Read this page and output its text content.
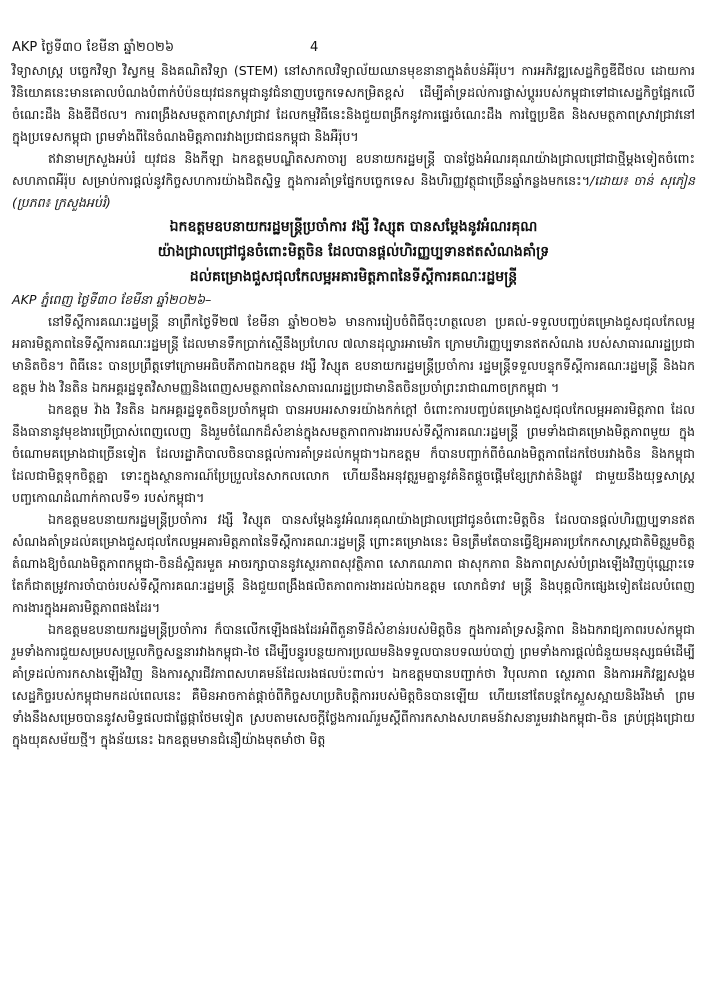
AKP ថ្ងៃទី៣០ ខែមីនា ឆ្នាំ២០២៦	4

វិទ្យាសាស្ត្រ បច្ចេកវិទ្យា វិស្វកម្ម និងគណិតវិទ្យា (STEM) នៅសាកលវិទ្យាល័យឈានមុខនានាក្នុងតំបន់អឺរ៉ុប។ ការអភិវឌ្ឍសេដ្ឋកិច្ចឌីជីថល ដោយការវិនិយោគនេះមានគោលបំណងបំពាក់បំប៉នយុវជនកម្ពុជានូវជំនាញបច្ចេកទេសកម្រិតខ្ពស់ ដើម្បីគាំទ្រដល់ការផ្លាស់ប្ដូររបស់កម្ពុជាទៅជាសេដ្ឋកិច្ចផ្អែកលើចំណេះដឹង និងឌីជីថល។ ការពង្រឹងសមត្ថភាពស្រាវជ្រាវ ដែលកម្មវិធីនេះនិងជួយពង្រីកនូវការផ្ទេរចំណេះដឹង ការច្នៃប្រឌិត និងសមត្ថភាពស្រាវជ្រាវនៅក្នុងប្រទេសកម្ពុជា ព្រមទាំងពីនៃចំណងមិត្តភាពរវាងប្រជាជនកម្ពុជា និងអឺរ៉ុប។

ឥវានាមក្រសួងអប់រំ យុវជន និងកីឡា ឯកឧត្តមបណ្ឌិតសភាចារ្យ ឧបនាយករដ្ឋមន្ត្រី បានថ្លែងអំណរគុណយ៉ាងជ្រាលជ្រៅជាថ្មីម្ដងទៀតចំពោះសហភាពអឺរ៉ុប សម្រាប់ការផ្ដល់នូវកិច្ចសហការយ៉ាងជិតស្និទ្ធ ក្នុងការគាំទ្រផ្នែកបច្ចេកទេស និងហិរញ្ញវត្ថុជាច្រើនឆ្នាំកន្លងមកនេះ។/ដោយ៖ ចាន់ សុភៀន (ប្រភព៖ ក្រសួងអប់រំ)

ឯកឧត្តមឧបនាយករដ្ឋមន្ត្រីប្រចាំការ វង្សី វិស្សុត បានសម្ដែងនូវអំណរគុណ

យ៉ាងជ្រាលជ្រៅជូនចំពោះមិត្តចិន ដែលបានផ្ដល់ហិរញ្ញប្បទានឥតសំណងគាំទ្រ

ដល់គម្រោងជួសជុលកែលម្អអគារមិត្តភាពនៃទីស្ដីការគណៈរដ្ឋមន្ត្រី

AKP ភ្នំពេញ ថ្ងៃទី៣០ ខែមីនា ឆ្នាំ២០២៦–

នៅទីស្ដីការគណៈរដ្ឋមន្ត្រី នាព្រឹកថ្ងៃទី២៧ ខែមីនា ឆ្នាំ២០២៦ មានការរៀបចំពិធីចុះហត្ថលេខា ប្រគល់-ទទួលបញ្ចប់គម្រោងជួសជុលកែលម្អអគារមិត្តភាពនៃទីស្ដីការគណៈរដ្ឋមន្ត្រី ដែលមានទឹកប្រាក់ស្មើនឹងប្រហែល ៧លានដុល្លារអាមេរិក ក្រោមហិរញ្ញប្បទានឥតសំណង របស់សាធារណរដ្ឋប្រជាមានិតចិន។ ពិធីនេះ បានប្រព្រឹត្តទៅក្រោមអធិបតីភាពឯកឧត្តម វង្សី វិស្សុត ឧបនាយករដ្ឋមន្ត្រីប្រចាំការ រដ្ឋមន្ត្រីទទួលបន្ទុកទីស្ដីការគណៈរដ្ឋមន្ត្រី និងឯកឧត្តម វ៉ាង វិនតិន ឯកអគ្គរដ្ឋទូតវិសាមញ្ញនិងពេញសមត្ថភាពនៃសាធារណរដ្ឋប្រជាមានិតចិនប្រចាំព្រះរាជាណាចក្រកម្ពុជា ។

ឯកឧត្តម វ៉ាង វិនតិន ឯកអគ្គរដ្ឋទូតចិនប្រចាំកម្ពុជា បានអបអរសាទរយ៉ាងកក់ក្ដៅ ចំពោះការបញ្ចប់គម្រោងជួសជុលកែលម្អអគារមិត្តភាព ដែលនឹងធានានូវមុខងារប្រើប្រាស់ពេញលេញ និងរួមចំណែកដ៏សំខាន់ក្នុងសមត្ថភាពការងាររបស់ទីស្ដីការគណៈរដ្ឋមន្ត្រី ព្រមទាំងជាគម្រោងមិត្តភាពមួយ ក្នុងចំណោមគម្រោងជាច្រើនទៀត ដែលរដ្ឋាភិបាលចិនបានផ្ដល់ការគាំទ្រដល់កម្ពុជា។ឯកឧត្តម ក៏បានបញ្ជាក់ពីចំណងមិត្តភាពដែកថែបរវាងចិន និងកម្ពុជា ដែលជាមិត្តទុកចិត្តគ្នា ទោះក្នុងស្ថានការណ៍ប្រែប្រួលនៃសាកលលោក ហើយនឹងអនុវត្តរួមគ្នានូវគំនិតផ្ដួចផ្ដើមខ្សែក្រវាត់និងផ្លូវ ជាមួយនឹងយុទ្ធសាស្ត្រ បញ្ចកោណដំណាក់កាលទី១ របស់កម្ពុជា។

ឯកឧត្តមឧបនាយករដ្ឋមន្ត្រីប្រចាំការ វង្សី វិស្សុត បានសម្ដែងនូវអំណរគុណយ៉ាងជ្រាលជ្រៅជូនចំពោះមិត្តចិន ដែលបានផ្ដល់ហិរញ្ញប្បទានឥតសំណងគាំទ្រដល់គម្រោងជួសជុលកែលម្អអគារមិត្តភាពនៃទីស្ដីការគណៈរដ្ឋមន្ត្រី ព្រោះគម្រោងនេះ មិនត្រឹមតែបានធ្វើឱ្យអគារប្រកែកសាស្រ្តជាតិមិត្តរួមចិត្តតំណាងឱ្យចំណងមិត្តភាពកម្ពុជា-ចិនដ៏ស្អិតរមួត អាចរក្សាបាននូវស្ថេរភាពសុវត្ថិភាព សោភណភាព ផាសុកភាព និងភាពស្រស់បំព្រងឡើងវិញប៉ុណ្ណោះទេ តែក៏ជាតម្រូវការចាំបាច់របស់ទីស្ដីការគណៈរដ្ឋមន្ត្រី និងជួយពង្រឹងផលិតភាពការងារដល់ឯកឧត្តម លោកជំទាវ មន្ត្រី និងបុគ្គលិកផ្សេងទៀតដែលបំពេញការងារក្នុងអគារមិត្តភាពផងដែរ។

ឯកឧត្តមឧបនាយករដ្ឋមន្ត្រីប្រចាំការ ក៏បានលើកឡើងផងដែរអំពីតួនាទីដ៏សំខាន់របស់មិត្តចិន ក្នុងការគាំទ្រសន្តិភាព និងឯករាជ្យភាពរបស់កម្ពុជា រួមទាំងការជួយសម្របសម្រួលកិច្ចសន្ទនារវាងកម្ពុជា-ថៃ ដើម្បីបន្ធូរបន្ថយការប្រឈមនិងទទួលបានបទឈប់បាញ់ ព្រមទាំងការផ្ដល់ជំនួយមនុស្សធម៌ដើម្បីគាំទ្រដល់ការកសាងឡើងវិញ និងការស្ដារជីវភាពសហគមន៍ដែលរងផលប៉ះពាល់។ ឯកឧត្តមបានបញ្ជាក់ថា វិបុលភាព ស្ថេរភាព និងការអភិវឌ្ឍសង្គម សេដ្ឋកិច្ចរបស់កម្ពុជាមកដល់ពេលនេះ គឺមិនអាចកាត់ផ្ដាច់ពីកិច្ចសហប្រតិបត្តិការរបស់មិត្តចិនបានឡើយ ហើយនៅតែបន្តកែស្អួសស្អាយនិងរឹងមាំ ព្រមទាំងនឹងសម្រេចបាននូវសមិទ្ធផលជាផ្លែផ្កាថែមទៀត ស្របតាមសេចក្ដីថ្លែងការណ៍រួមស្ដីពីការកសាងសហគមន៍វាសនារួមរវាងកម្ពុជា-ចិន គ្រប់ជ្រុងជ្រោយ ក្នុងយុគសម័យថ្មី។ ក្នុងន័យនេះ ឯកឧត្តមមានជំនឿយ៉ាងមុតមាំថា មិត្ត
